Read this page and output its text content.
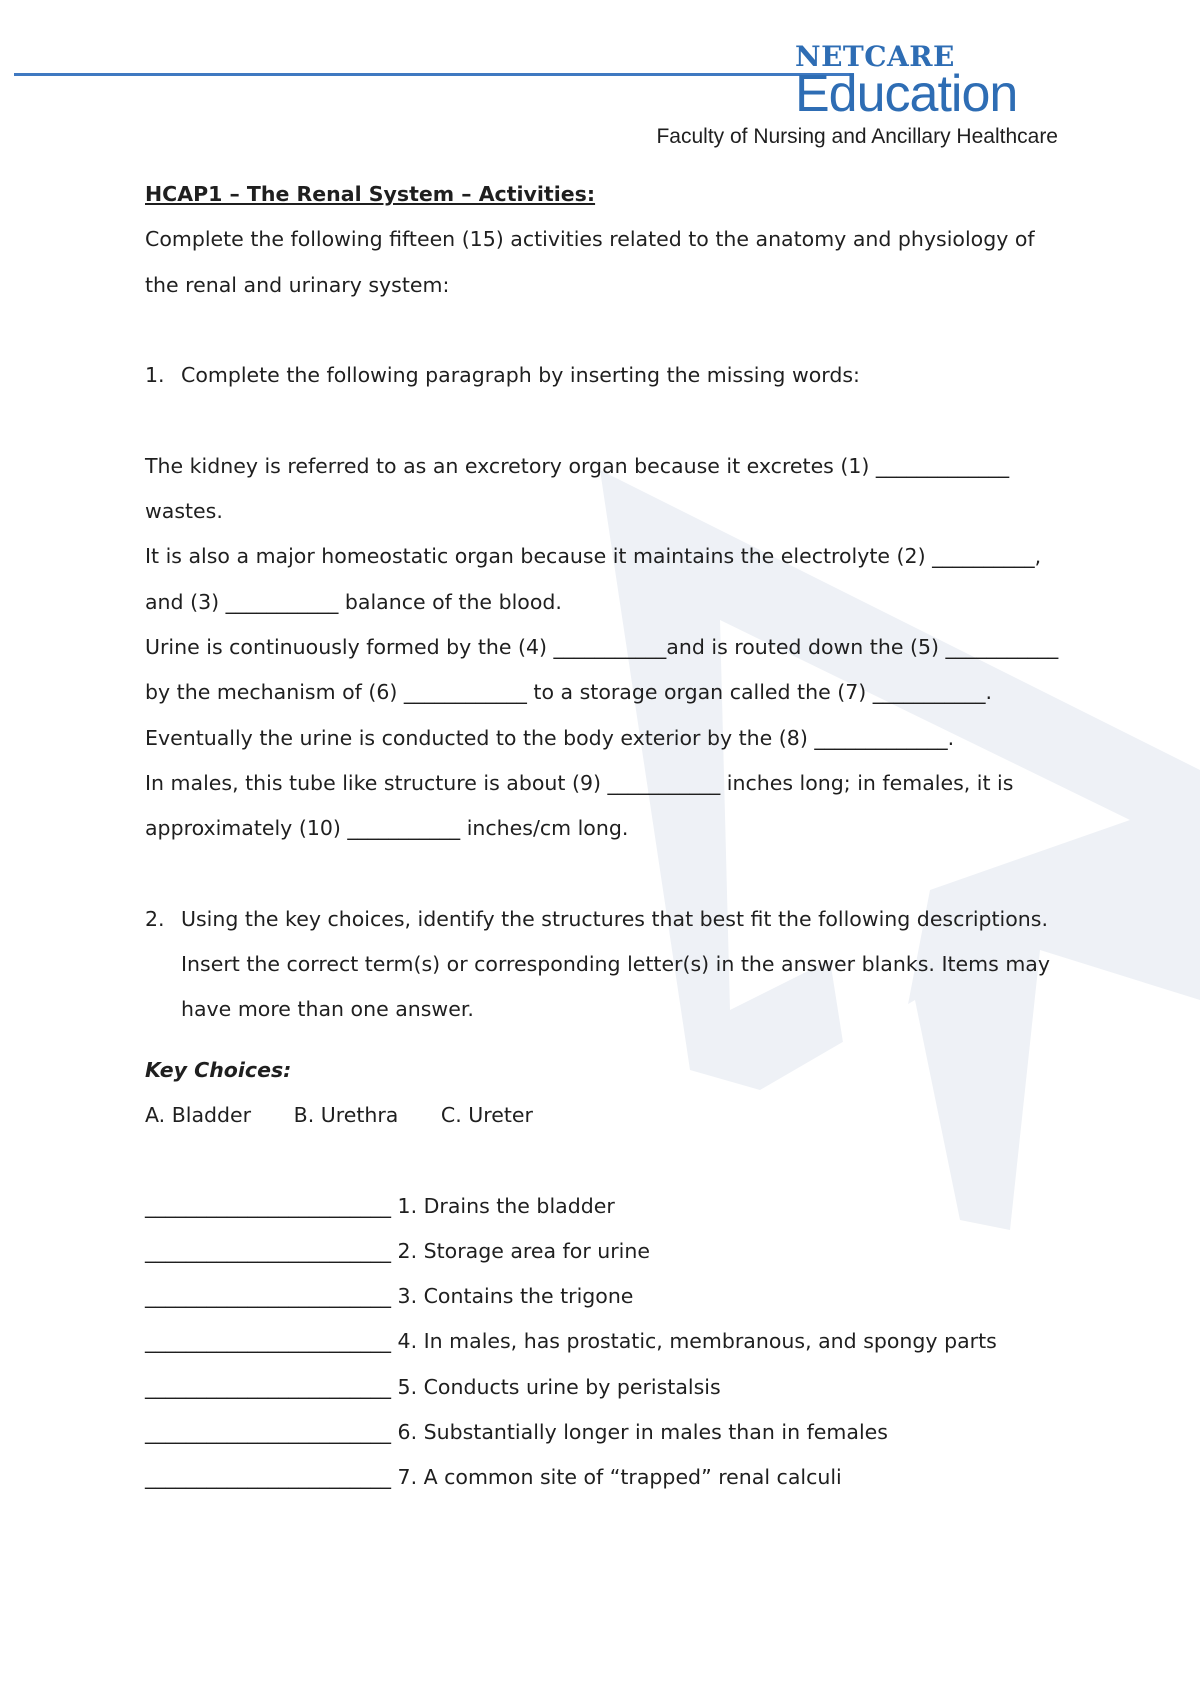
NETCARE
Education
Faculty of Nursing and Ancillary Healthcare

HCAP1 – The Renal System – Activities:

Complete the following fifteen (15) activities related to the anatomy and physiology of the renal and urinary system:

1. Complete the following paragraph by inserting the missing words:

The kidney is referred to as an excretory organ because it excretes (1) _____________ wastes.

It is also a major homeostatic organ because it maintains the electrolyte (2) __________, and (3) ___________ balance of the blood.

Urine is continuously formed by the (4) ___________and is routed down the (5) ___________ by the mechanism of (6) ____________ to a storage organ called the (7) ___________.

Eventually the urine is conducted to the body exterior by the (8) _____________.

In males, this tube like structure is about (9) ___________ inches long; in females, it is approximately (10) ___________ inches/cm long.

2. Using the key choices, identify the structures that best fit the following descriptions. Insert the correct term(s) or corresponding letter(s) in the answer blanks. Items may have more than one answer.

Key Choices:

A. Bladder B. Urethra C. Ureter

________________________ 1. Drains the bladder

________________________ 2. Storage area for urine

________________________ 3. Contains the trigone

________________________ 4. In males, has prostatic, membranous, and spongy parts

________________________ 5. Conducts urine by peristalsis

________________________ 6. Substantially longer in males than in females

________________________ 7. A common site of “trapped” renal calculi
